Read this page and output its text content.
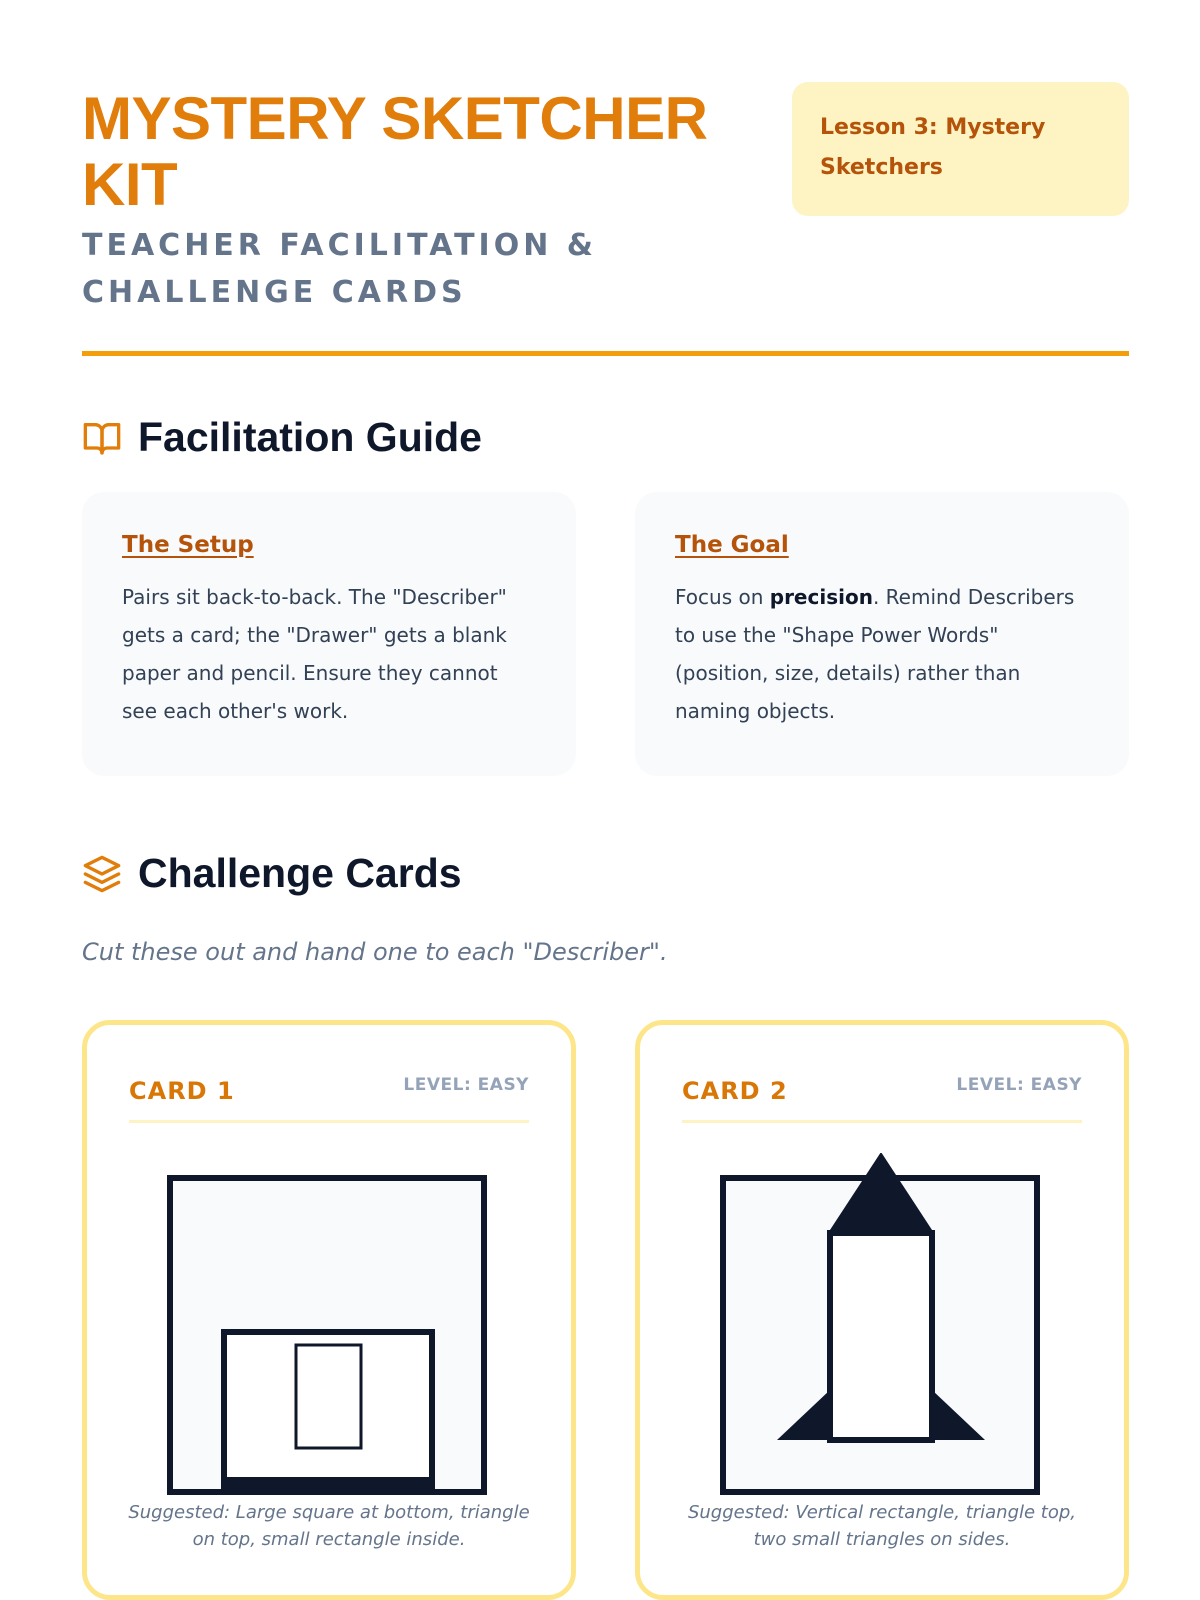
MYSTERY SKETCHER KIT
TEACHER FACILITATION & CHALLENGE CARDS
Lesson 3: Mystery Sketchers
Facilitation Guide
The Setup

Pairs sit back-to-back. The "Describer" gets a card; the "Drawer" gets a blank paper and pencil. Ensure they cannot see each other's work.

The Goal

Focus on precision. Remind Describers to use the "Shape Power Words" (position, size, details) rather than naming objects.

Challenge Cards
Cut these out and hand one to each "Describer".
CARD 1	LEVEL: EASY
Suggested: Large square at bottom, triangle on top, small rectangle inside.
CARD 2	LEVEL: EASY
Suggested: Vertical rectangle, triangle top, two small triangles on sides.
